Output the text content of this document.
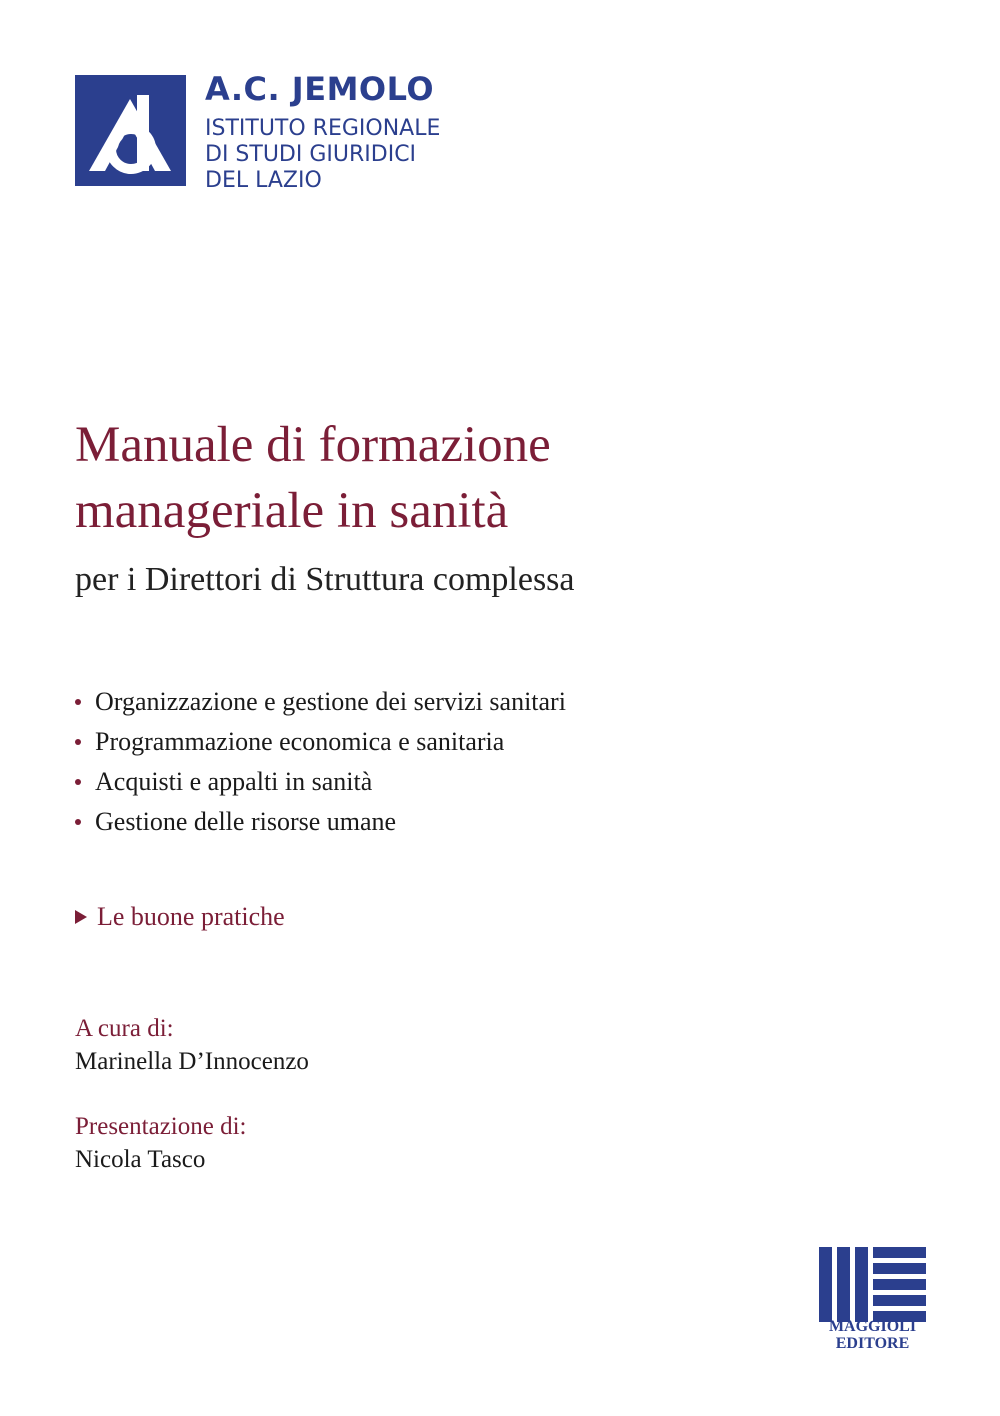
A.C. JEMOLO
ISTITUTO REGIONALE
DI STUDI GIURIDICI
DEL LAZIO
Manuale di formazione
manageriale in sanità
per i Direttori di Struttura complessa
Organizzazione e gestione dei servizi sanitari
Programmazione economica e sanitaria
Acquisti e appalti in sanità
Gestione delle risorse umane
Le buone pratiche
A cura di:
Marinella D’Innocenzo
Presentazione di:
Nicola Tasco
MAGGIOLI
EDITORE
